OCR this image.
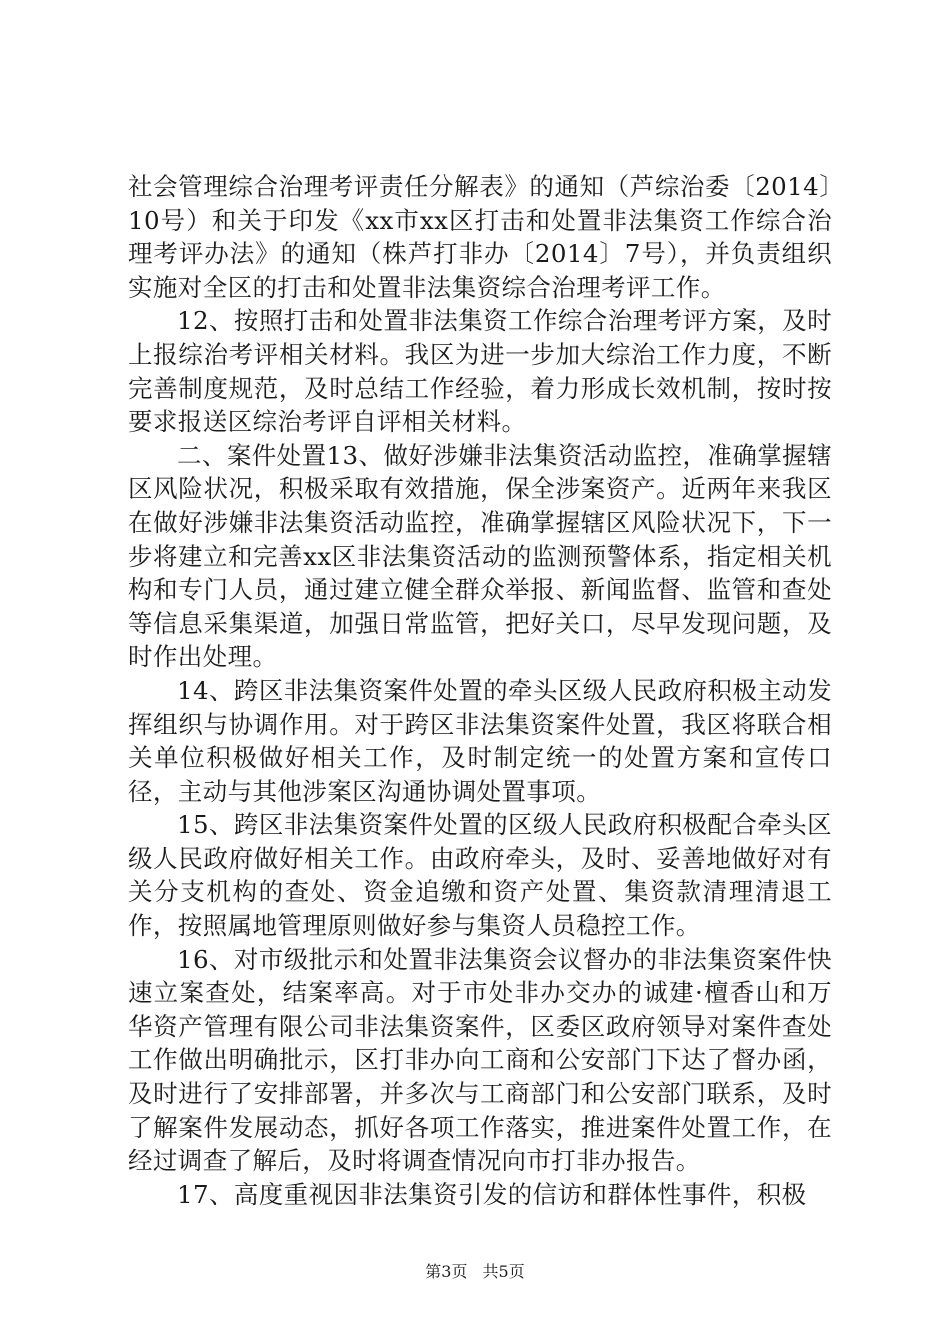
社会管理综合治理考评责任分解表》的通知（芦综治委〔2014〕10号）和关于印发《xx市xx区打击和处置非法集资工作综合治理考评办法》的通知（株芦打非办〔2014〕7号），并负责组织实施对全区的打击和处置非法集资综合治理考评工作。

12、按照打击和处置非法集资工作综合治理考评方案，及时上报综治考评相关材料。我区为进一步加大综治工作力度，不断完善制度规范，及时总结工作经验，着力形成长效机制，按时按要求报送区综治考评自评相关材料。

二、案件处置13、做好涉嫌非法集资活动监控，准确掌握辖区风险状况，积极采取有效措施，保全涉案资产。近两年来我区在做好涉嫌非法集资活动监控，准确掌握辖区风险状况下，下一步将建立和完善xx区非法集资活动的监测预警体系，指定相关机构和专门人员，通过建立健全群众举报、新闻监督、监管和查处等信息采集渠道，加强日常监管，把好关口，尽早发现问题，及时作出处理。

14、跨区非法集资案件处置的牵头区级人民政府积极主动发挥组织与协调作用。对于跨区非法集资案件处置，我区将联合相关单位积极做好相关工作，及时制定统一的处置方案和宣传口径，主动与其他涉案区沟通协调处置事项。

15、跨区非法集资案件处置的区级人民政府积极配合牵头区级人民政府做好相关工作。由政府牵头，及时、妥善地做好对有关分支机构的查处、资金追缴和资产处置、集资款清理清退工作，按照属地管理原则做好参与集资人员稳控工作。

16、对市级批示和处置非法集资会议督办的非法集资案件快速立案查处，结案率高。对于市处非办交办的诚建·檀香山和万华资产管理有限公司非法集资案件，区委区政府领导对案件查处工作做出明确批示，区打非办向工商和公安部门下达了督办函，及时进行了安排部署，并多次与工商部门和公安部门联系，及时了解案件发展动态，抓好各项工作落实，推进案件处置工作，在经过调查了解后，及时将调查情况向市打非办报告。

17、高度重视因非法集资引发的信访和群体性事件，积极

第3页 共5页
